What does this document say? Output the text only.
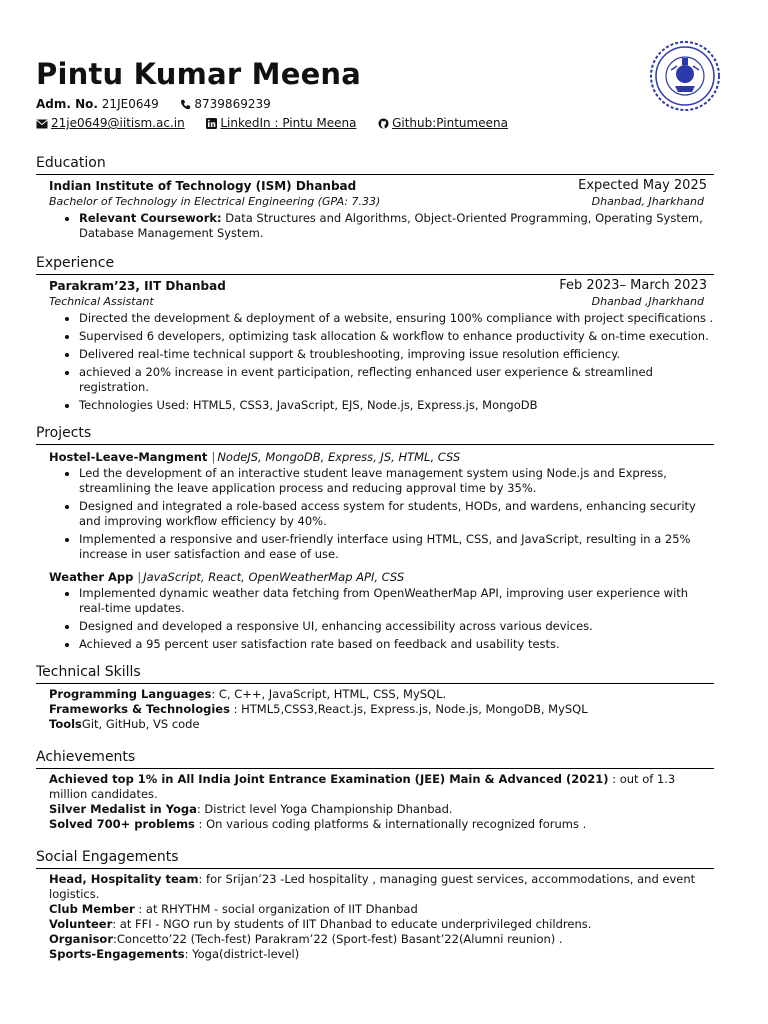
Pintu Kumar Meena
Adm. No. 21JE0649	8739869239
21je0649@iitism.ac.in	LinkedIn : Pintu Meena	Github:Pintumeena
Education
Indian Institute of Technology (ISM) Dhanbad	Expected May 2025
Bachelor of Technology in Electrical Engineering (GPA: 7.33)	Dhanbad, Jharkhand
• Relevant Coursework: Data Structures and Algorithms, Object-Oriented Programming, Operating System, Database Management System.
Experience
Parakram’23, IIT Dhanbad	Feb 2023– March 2023
Technical Assistant	Dhanbad ,Jharkhand
• Directed the development & deployment of a website, ensuring 100% compliance with project specifications .
• Supervised 6 developers, optimizing task allocation & workflow to enhance productivity & on-time execution.
• Delivered real-time technical support & troubleshooting, improving issue resolution efficiency.
• achieved a 20% increase in event participation, reflecting enhanced user experience & streamlined registration.
• Technologies Used: HTML5, CSS3, JavaScript, EJS, Node.js, Express.js, MongoDB
Projects
Hostel-Leave-Mangment | NodeJS, MongoDB, Express, JS, HTML, CSS
• Led the development of an interactive student leave management system using Node.js and Express, streamlining the leave application process and reducing approval time by 35%.
• Designed and integrated a role-based access system for students, HODs, and wardens, enhancing security and improving workflow efficiency by 40%.
• Implemented a responsive and user-friendly interface using HTML, CSS, and JavaScript, resulting in a 25% increase in user satisfaction and ease of use.
Weather App | JavaScript, React, OpenWeatherMap API, CSS
• Implemented dynamic weather data fetching from OpenWeatherMap API, improving user experience with real-time updates.
• Designed and developed a responsive UI, enhancing accessibility across various devices.
• Achieved a 95 percent user satisfaction rate based on feedback and usability tests.
Technical Skills
Programming Languages: C, C++, JavaScript, HTML, CSS, MySQL.
Frameworks & Technologies : HTML5,CSS3,React.js, Express.js, Node.js, MongoDB, MySQL
ToolsGit, GitHub, VS code
Achievements
Achieved top 1% in All India Joint Entrance Examination (JEE) Main & Advanced (2021) : out of 1.3 million candidates.
Silver Medalist in Yoga: District level Yoga Championship Dhanbad.
Solved 700+ problems : On various coding platforms & internationally recognized forums .
Social Engagements
Head, Hospitality team: for Srijan’23 -Led hospitality , managing guest services, accommodations, and event logistics.
Club Member : at RHYTHM - social organization of IIT Dhanbad
Volunteer: at FFI - NGO run by students of IIT Dhanbad to educate underprivileged childrens.
Organisor:Concetto’22 (Tech-fest) Parakram’22 (Sport-fest) Basant’22(Alumni reunion) .
Sports-Engagements: Yoga(district-level)
